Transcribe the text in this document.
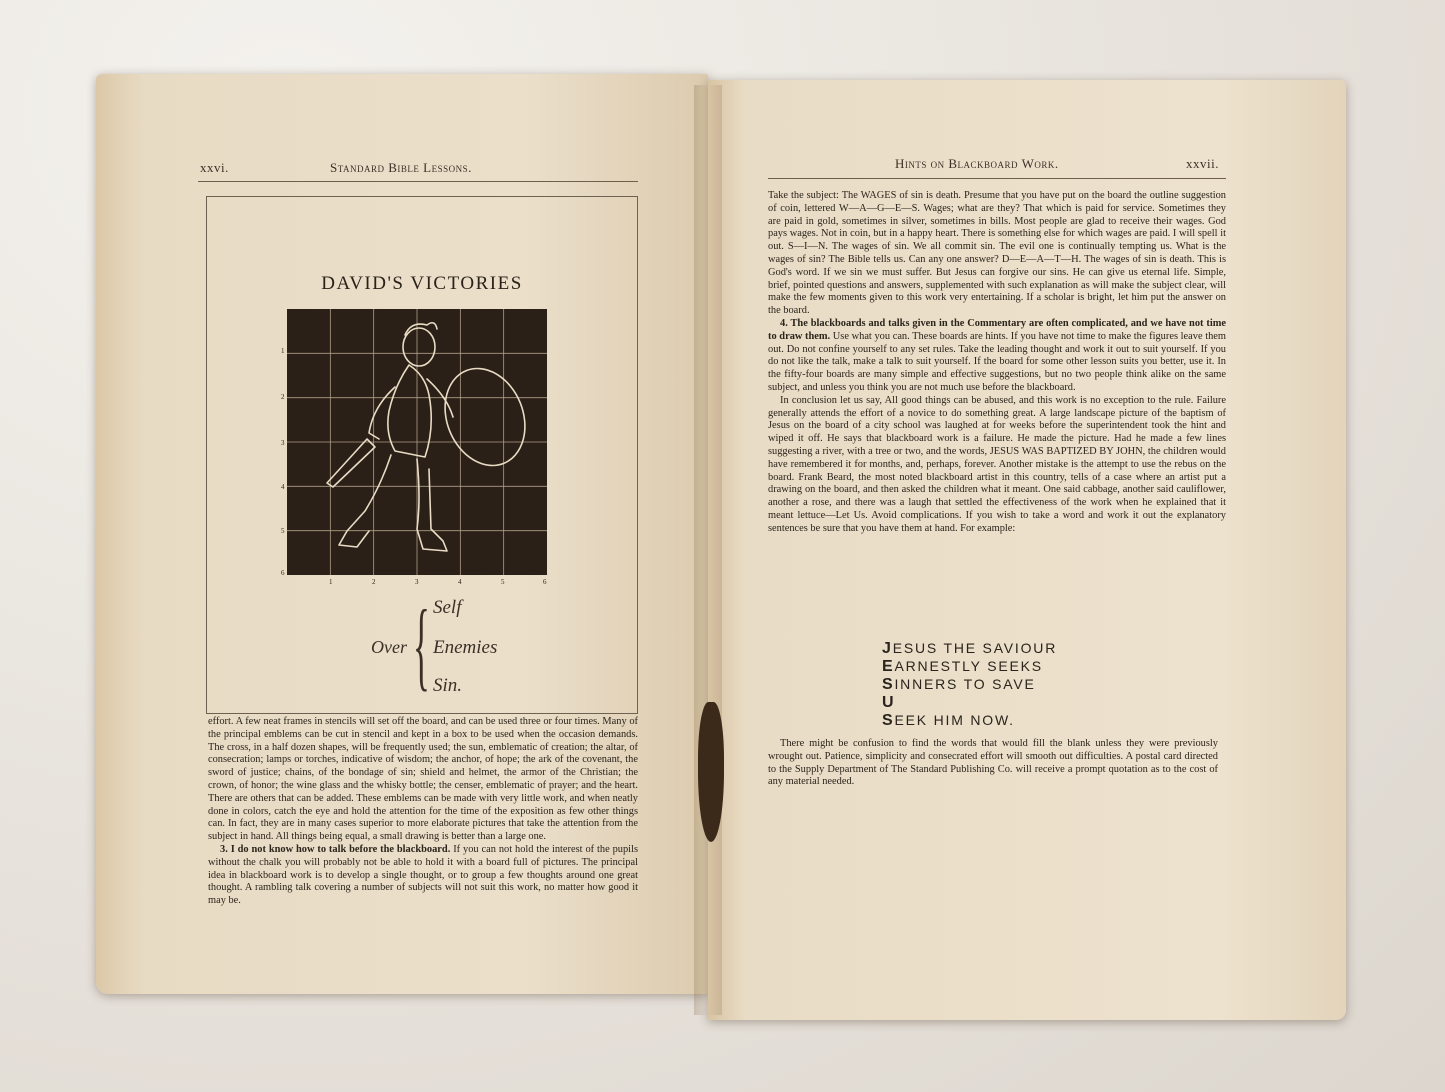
xxvi.	Standard Bible Lessons.
DAVID'S VICTORIES
1
2
3
4
5
6
1	2	3	4	5	6
Over { Self
Enemies
Sin.

effort. A few neat frames in stencils will set off the board, and can be used three or four times. Many of the principal emblems can be cut in stencil and kept in a box to be used when the occasion demands. The cross, in a half dozen shapes, will be frequently used; the sun, emblematic of creation; the altar, of consecration; lamps or torches, indicative of wisdom; the anchor, of hope; the ark of the covenant, the sword of justice; chains, of the bondage of sin; shield and helmet, the armor of the Christian; the crown, of honor; the wine glass and the whisky bottle; the censer, emblematic of prayer; and the heart. There are others that can be added. These emblems can be made with very little work, and when neatly done in colors, catch the eye and hold the attention for the time of the exposition as few other things can. In fact, they are in many cases superior to more elaborate pictures that take the attention from the subject in hand. All things being equal, a small drawing is better than a large one.

3. I do not know how to talk before the blackboard. If you can not hold the interest of the pupils without the chalk you will probably not be able to hold it with a board full of pictures. The principal idea in blackboard work is to develop a single thought, or to group a few thoughts around one great thought. A rambling talk covering a number of subjects will not suit this work, no matter how good it may be.

Hints on Blackboard Work.	xxvii.

Take the subject: The WAGES of sin is death. Presume that you have put on the board the outline suggestion of coin, lettered W—A—G—E—S. Wages; what are they? That which is paid for service. Sometimes they are paid in gold, sometimes in silver, sometimes in bills. Most people are glad to receive their wages. God pays wages. Not in coin, but in a happy heart. There is something else for which wages are paid. I will spell it out. S—I—N. The wages of sin. We all commit sin. The evil one is continually tempting us. What is the wages of sin? The Bible tells us. Can any one answer? D—E—A—T—H. The wages of sin is death. This is God's word. If we sin we must suffer. But Jesus can forgive our sins. He can give us eternal life. Simple, brief, pointed questions and answers, supplemented with such explanation as will make the subject clear, will make the few moments given to this work very entertaining. If a scholar is bright, let him put the answer on the board.

4. The blackboards and talks given in the Commentary are often complicated, and we have not time to draw them. Use what you can. These boards are hints. If you have not time to make the figures leave them out. Do not confine yourself to any set rules. Take the leading thought and work it out to suit yourself. If you do not like the talk, make a talk to suit yourself. If the board for some other lesson suits you better, use it. In the fifty-four boards are many simple and effective suggestions, but no two people think alike on the same subject, and unless you think you are not much use before the blackboard.

In conclusion let us say, All good things can be abused, and this work is no exception to the rule. Failure generally attends the effort of a novice to do something great. A large landscape picture of the baptism of Jesus on the board of a city school was laughed at for weeks before the superintendent took the hint and wiped it off. He says that blackboard work is a failure. He made the picture. Had he made a few lines suggesting a river, with a tree or two, and the words, JESUS WAS BAPTIZED BY JOHN, the children would have remembered it for months, and, perhaps, forever. Another mistake is the attempt to use the rebus on the board. Frank Beard, the most noted blackboard artist in this country, tells of a case where an artist put a drawing on the board, and then asked the children what it meant. One said cabbage, another said cauliflower, another a rose, and there was a laugh that settled the effectiveness of the work when he explained that it meant lettuce—Let Us. Avoid complications. If you wish to take a word and work it out the explanatory sentences be sure that you have them at hand. For example:

JESUS THE SAVIOUR
EARNESTLY SEEKS
SINNERS TO SAVE
U
SEEK HIM NOW.

There might be confusion to find the words that would fill the blank unless they were previously wrought out. Patience, simplicity and consecrated effort will smooth out difficulties. A postal card directed to the Supply Department of The Standard Publishing Co. will receive a prompt quotation as to the cost of any material needed.
